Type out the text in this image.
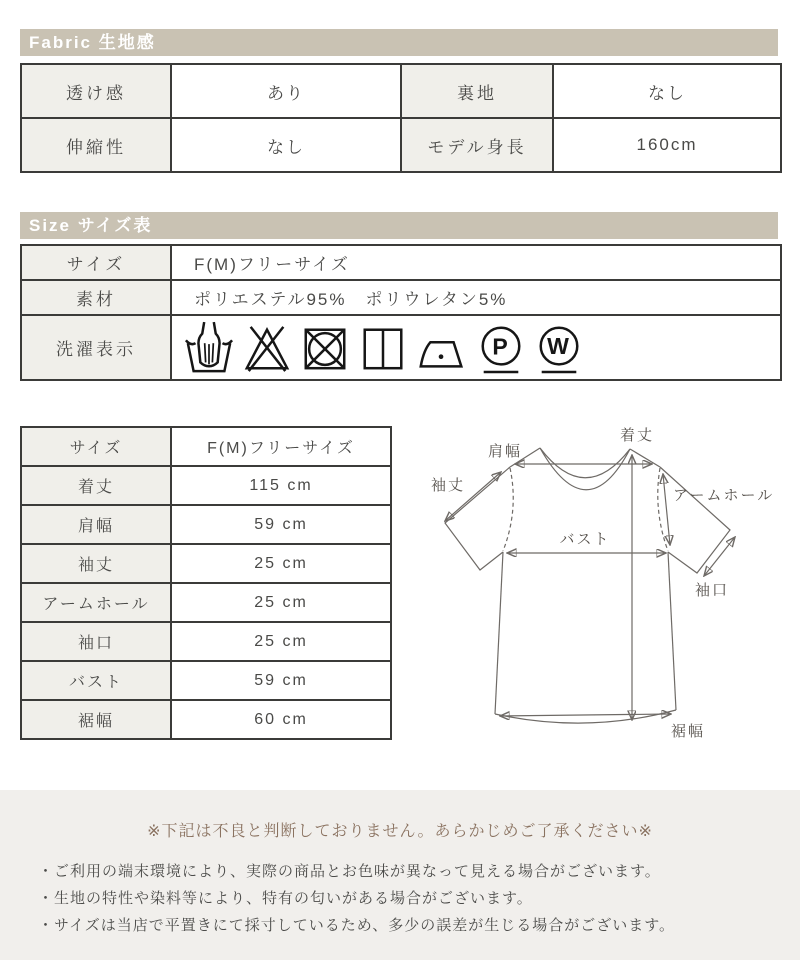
Fabric 生地感
透け感	あり	裏地	なし
伸縮性	なし	モデル身長	160cm
Size サイズ表
サイズ	F(M)フリーサイズ
素材	ポリエステル95%　ポリウレタン5%
洗濯表示	P W
サイズ	F(M)フリーサイズ
着丈	115 cm
肩幅	59 cm
袖丈	25 cm
アームホール	25 cm
袖口	25 cm
バスト	59 cm
裾幅	60 cm
着丈
肩幅
袖丈
アームホール
バスト
袖口
裾幅

※下記は不良と判断しておりません。あらかじめご了承ください※

・ご利用の端末環境により、実際の商品とお色味が異なって見える場合がございます。

・生地の特性や染料等により、特有の匂いがある場合がございます。

・サイズは当店で平置きにて採寸しているため、多少の誤差が生じる場合がございます。
